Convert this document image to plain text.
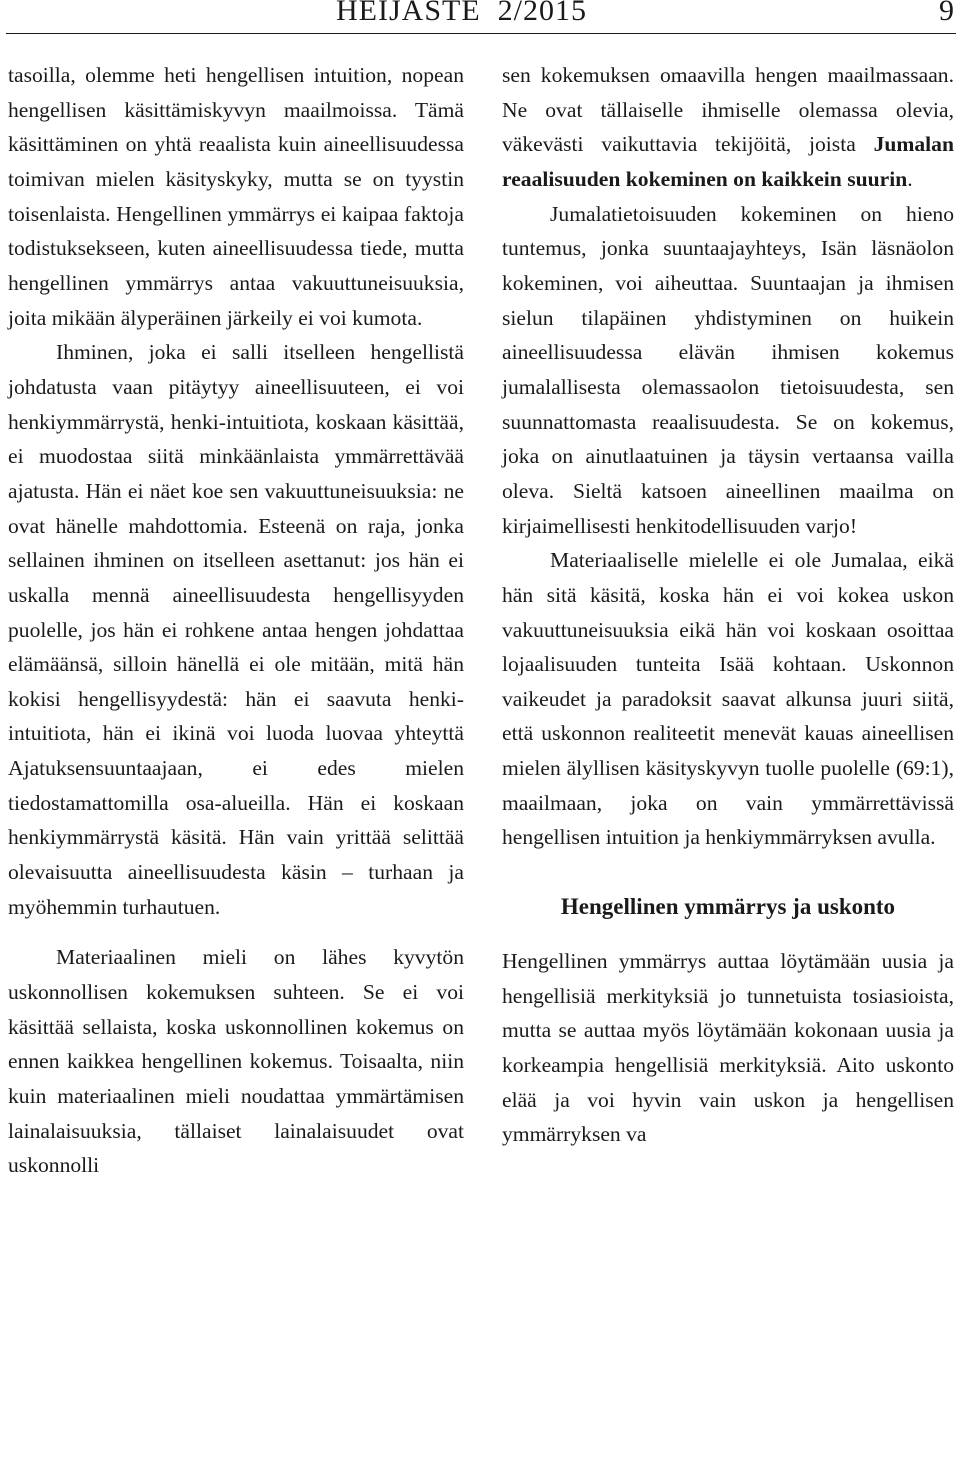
HEIJASTE  2/2015	9

tasoilla, olemme heti hengellisen intuition, nopean hengellisen käsittämiskyvyn maailmoissa. Tämä käsittäminen on yhtä reaalista kuin aineellisuudessa toimivan mielen käsityskyky, mutta se on tyystin toisenlaista. Hengellinen ymmärrys ei kaipaa faktoja todistuksekseen, kuten aineellisuudessa tiede, mutta hengellinen ymmärrys antaa vakuuttuneisuuksia, joita mikään älyperäinen järkeily ei voi kumota.

Ihminen, joka ei salli itselleen hengellistä johdatusta vaan pitäytyy aineellisuuteen, ei voi henkiymmärrystä, henki-intuitiota, koskaan käsittää, ei muodostaa siitä minkäänlaista ymmärrettävää ajatusta. Hän ei näet koe sen vakuuttuneisuuksia: ne ovat hänelle mahdottomia. Esteenä on raja, jonka sellainen ihminen on itselleen asettanut: jos hän ei uskalla mennä aineellisuudesta hengellisyyden puolelle, jos hän ei rohkene antaa hengen johdattaa elämäänsä, silloin hänellä ei ole mitään, mitä hän kokisi hengellisyydestä: hän ei saavuta henki-intuitiota, hän ei ikinä voi luoda luovaa yhteyttä Ajatuksensuuntaajaan, ei edes mielen tiedostamattomilla osa-alueilla. Hän ei koskaan henkiymmärrystä käsitä. Hän vain yrittää selittää olevaisuutta aineellisuudesta käsin – turhaan ja myöhemmin turhautuen.

Materiaalinen mieli on lähes kyvytön uskonnollisen kokemuksen suhteen. Se ei voi käsittää sellaista, koska uskonnollinen kokemus on ennen kaikkea hengellinen kokemus. Toisaalta, niin kuin materiaalinen mieli noudattaa ymmärtämisen lainalaisuuksia, tällaiset lainalaisuudet ovat uskonnolli

sen kokemuksen omaavilla hengen maailmassaan. Ne ovat tällaiselle ihmiselle olemassa olevia, väkevästi vaikuttavia tekijöitä, joista Jumalan reaalisuuden kokeminen on kaikkein suurin.

Jumalatietoisuuden kokeminen on hieno tuntemus, jonka suuntaajayhteys, Isän läsnäolon kokeminen, voi aiheuttaa. Suuntaajan ja ihmisen sielun tilapäinen yhdistyminen on huikein aineellisuudessa elävän ihmisen kokemus jumalallisesta olemassaolon tietoisuudesta, sen suunnattomasta reaalisuudesta. Se on kokemus, joka on ainutlaatuinen ja täysin vertaansa vailla oleva. Sieltä katsoen aineellinen maailma on kirjaimellisesti henkitodellisuuden varjo!

Materiaaliselle mielelle ei ole Jumalaa, eikä hän sitä käsitä, koska hän ei voi kokea uskon vakuuttuneisuuksia eikä hän voi koskaan osoittaa lojaalisuuden tunteita Isää kohtaan. Uskonnon vaikeudet ja paradoksit saavat alkunsa juuri siitä, että uskonnon realiteetit menevät kauas aineellisen mielen älyllisen käsityskyvyn tuolle puolelle (69:1), maailmaan, joka on vain ymmärrettävissä hengellisen intuition ja henkiymmärryksen avulla.

Hengellinen ymmärrys ja uskonto

Hengellinen ymmärrys auttaa löytämään uusia ja hengellisiä merkityksiä jo tunnetuista tosiasioista, mutta se auttaa myös löytämään kokonaan uusia ja korkeampia hengellisiä merkityksiä. Aito uskonto elää ja voi hyvin vain uskon ja hengellisen ymmärryksen va
